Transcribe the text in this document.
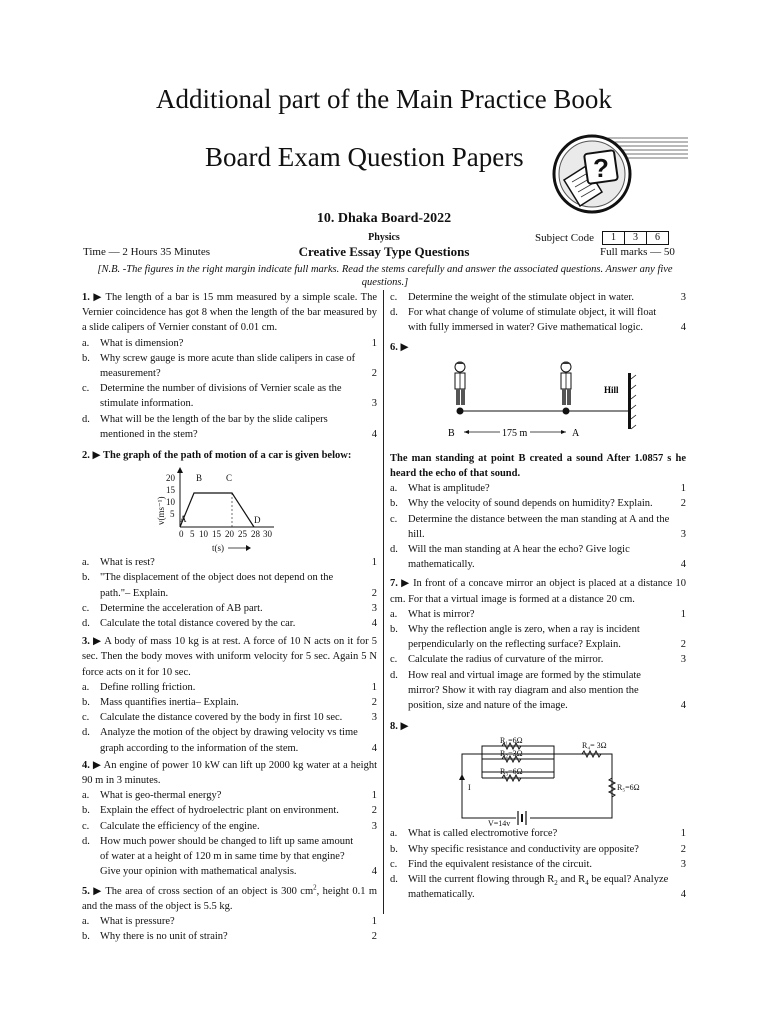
Additional part of the Main Practice Book
Board Exam Question Papers	?
10. Dhaka Board-2022
Physics
Creative Essay Type Questions
Time — 2 Hours 35 Minutes
Subject Code	1	3	6
Full marks — 50
[N.B. -The figures in the right margin indicate full marks. Read the stems carefully and answer the associated questions. Answer any five questions.]

1. ▶ The length of a bar is 15 mm measured by a simple scale. The Vernier coincidence has got 8 when the length of the bar measured by a slide calipers of Vernier constant of 0.01 cm.

a.	What is dimension?	1
b. Why screw gauge is more acute than slide calipers in case of measurement?	2
c.	Determine the number of divisions of Vernier scale as the stimulate information.	3
d. What will be the length of the bar by the slide calipers mentioned in the stem?	4

2. ▶ The graph of the path of motion of a car is given below:

v(ms⁻¹)
20
15
10
5
0 5 10 15 20 25 28 30
t(s)
A
B	C
D
a.	What is rest?	1
b. "The displacement of the object does not depend on the path."– Explain.	2
c.	Determine the acceleration of AB part.	3
d. Calculate the total distance covered by the car.	4

3. ▶ A body of mass 10 kg is at rest. A force of 10 N acts on it for 5 sec. Then the body moves with uniform velocity for 5 sec. Again 5 N force acts on it for 10 sec.

a.	Define rolling friction.	1
b. Mass quantifies inertia– Explain.	2
c.	Calculate the distance covered by the body in first 10 sec.	3
d. Analyze the motion of the object by drawing velocity vs time graph according to the information of the stem.	4

4. ▶ An engine of power 10 kW can lift up 2000 kg water at a height 90 m in 3 minutes.

a.	What is geo-thermal energy?	1
b. Explain the effect of hydroelectric plant on environment.	2
c.	Calculate the efficiency of the engine.	3
d. How much power should be changed to lift up same amount of water at a height of 120 m in same time by that engine? Give your opinion with mathematical analysis.	4

5. ▶ The area of cross section of an object is 300 $cm^2$, height 0.1 m and the mass of the object is 5.5 kg.

a.	What is pressure?	1
b. Why there is no unit of strain?	2
c.	Determine the weight of the stimulate object in water.	3
d. For what change of volume of stimulate object, it will float with fully immersed in water? Give mathematical logic.	4
6. ▶
Hill
B	A
175 m

The man standing at point B created a sound After 1.0857 s he heard the echo of that sound.

a.	What is amplitude?	1
b. Why the velocity of sound depends on humidity? Explain.	2
c.	Determine the distance between the man standing at A and the hill.	3
d. Will the man standing at A hear the echo? Give logic mathematically.	4

7. ▶ In front of a concave mirror an object is placed at a distance 10 cm. For that a virtual image is formed at a distance 20 cm.

a.	What is mirror?	1
b. Why the reflection angle is zero, when a ray is incident perpendicularly on the reflecting surface? Explain.	2
c.	Calculate the radius of curvature of the mirror.	3
d. How real and virtual image are formed by the stimulate mirror? Show it with ray diagram and also mention the position, size and nature of the image.	4
8. ▶
R₁=6Ω
R₂=3Ω
R₃=6Ω
R₄= 3Ω
R₅=6Ω
I
V=14v
a.	What is called electromotive force?	1
b. Why specific resistance and conductivity are opposite?	2
c.	Find the equivalent resistance of the circuit.	3
d. Will the current flowing through $R_2$ and $R_4$ be equal? Analyze mathematically.	4
